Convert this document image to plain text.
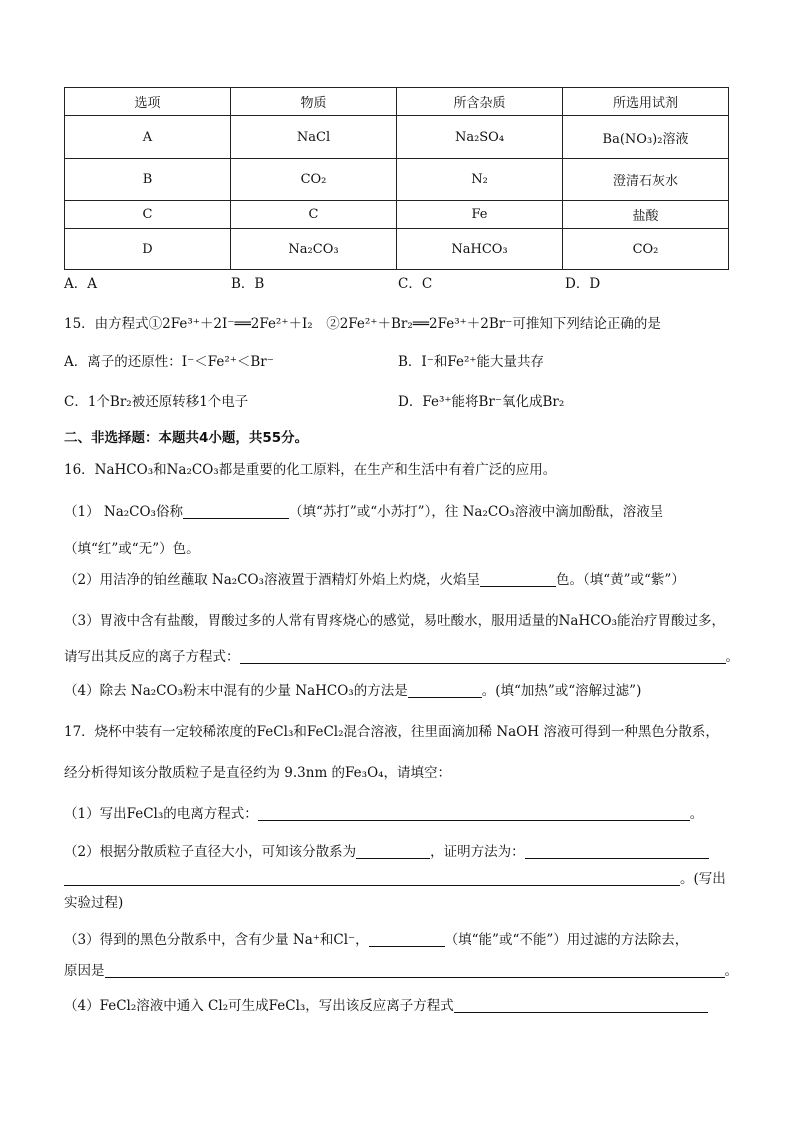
选项	物质	所含杂质	所选用试剂
A	NaCl	Na₂SO₄	Ba(NO₃)₂溶液
B	CO₂	N₂	澄清石灰水
C	C	Fe	盐酸
D	Na₂CO₃	NaHCO₃	CO₂
A．A	B．B	C．C	D．D
15．由方程式①2Fe³⁺＋2I⁻══2Fe²⁺＋I₂　②2Fe²⁺＋Br₂══2Fe³⁺＋2Br⁻可推知下列结论正确的是
A．离子的还原性：I⁻＜Fe²⁺＜Br⁻	B．I⁻和Fe²⁺能大量共存
C．1个Br₂被还原转移1个电子	D．Fe³⁺能将Br⁻氧化成Br₂
二、非选择题：本题共4小题，共55分。
16．NaHCO₃和Na₂CO₃都是重要的化工原料，在生产和生活中有着广泛的应用。
（1） Na₂CO₃俗称	（填“苏打”或“小苏打”），往 Na₂CO₃溶液中滴加酚酞，溶液呈
（填“红”或“无”）色。
（2）用洁净的铂丝蘸取 Na₂CO₃溶液置于酒精灯外焰上灼烧，火焰呈	色。（填“黄”或“紫”）
（3）胃液中含有盐酸，胃酸过多的人常有胃疼烧心的感觉，易吐酸水，服用适量的NaHCO₃能治疗胃酸过多，
请写出其反应的离子方程式：	。
（4）除去 Na₂CO₃粉末中混有的少量 NaHCO₃的方法是	。(填“加热”或“溶解过滤”)
17．烧杯中装有一定较稀浓度的FeCl₃和FeCl₂混合溶液，往里面滴加稀 NaOH 溶液可得到一种黑色分散系，
经分析得知该分散质粒子是直径约为 9.3nm 的Fe₃O₄，请填空：
（1）写出FeCl₃的电离方程式：	。
（2）根据分散质粒子直径大小，可知该分散系为	，证明方法为：
。(写出
实验过程)
（3）得到的黑色分散系中，含有少量 Na⁺和Cl⁻，	（填“能”或“不能”）用过滤的方法除去，
原因是	。
（4）FeCl₂溶液中通入 Cl₂可生成FeCl₃，写出该反应离子方程式
